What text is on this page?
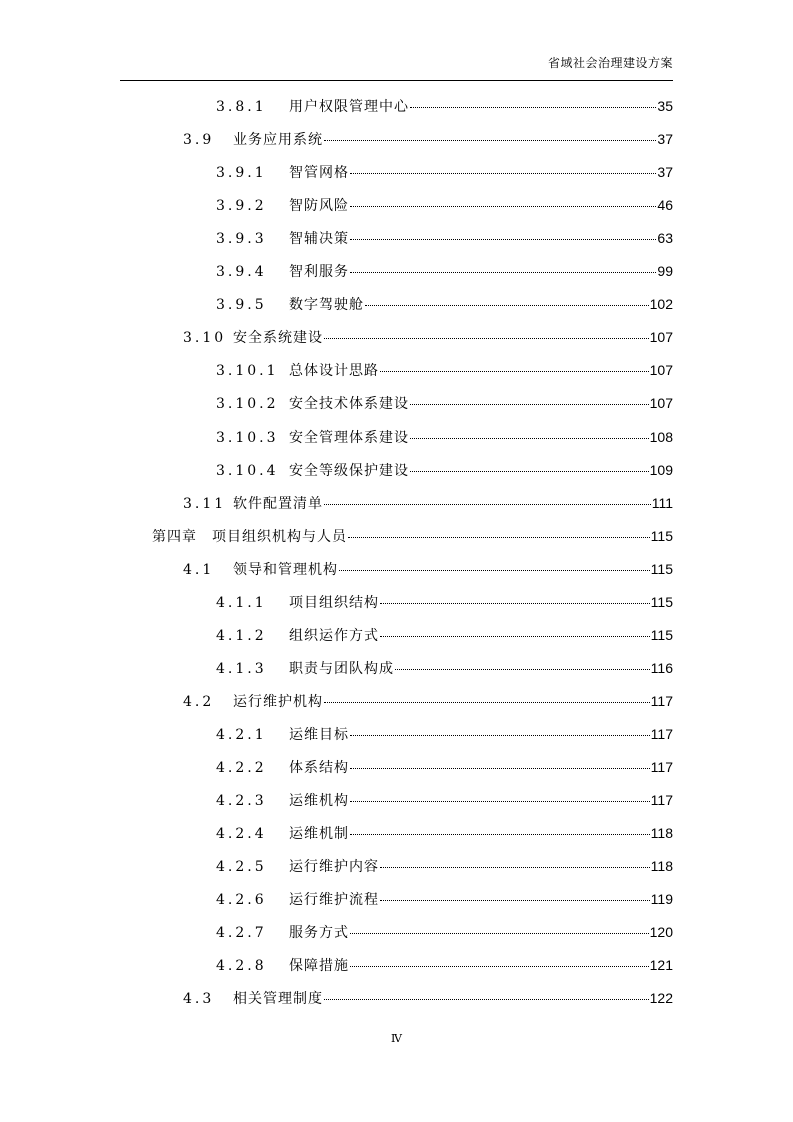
省域社会治理建设方案
3.8.1	用户权限管理中心	35
3.9	业务应用系统	37
3.9.1	智管网格	37
3.9.2	智防风险	46
3.9.3	智辅决策	63
3.9.4	智利服务	99
3.9.5	数字驾驶舱	102
3.10 安全系统建设	107
3.10.1 总体设计思路	107
3.10.2 安全技术体系建设	107
3.10.3 安全管理体系建设	108
3.10.4 安全等级保护建设	109
3.11 软件配置清单	111
第四章	项目组织机构与人员	115
4.1	领导和管理机构	115
4.1.1	项目组织结构	115
4.1.2	组织运作方式	115
4.1.3	职责与团队构成	116
4.2	运行维护机构	117
4.2.1	运维目标	117
4.2.2	体系结构	117
4.2.3	运维机构	117
4.2.4	运维机制	118
4.2.5	运行维护内容	118
4.2.6	运行维护流程	119
4.2.7	服务方式	120
4.2.8	保障措施	121
4.3	相关管理制度	122
Ⅳ
